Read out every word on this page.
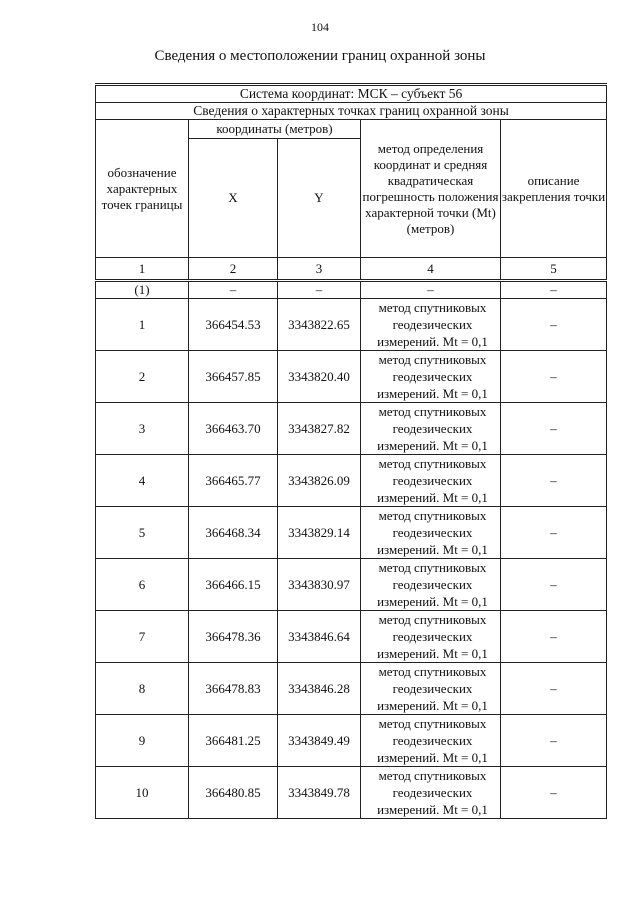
104
Сведения о местоположении границ охранной зоны
Система координат: МСК – субъект 56				
Сведения о характерных точках границ охранной зоны				
обозначение характерных точек границы	координаты (метров)		метод определения координат и средняя квадратическая погрешность положения характерной точки (Mt) (метров)	описание закрепления точки
	X	Y		
1	2	3	4	5
(1)	–	–	–	–
1	366454.53	3343822.65	метод спутниковых геодезических измерений. Mt = 0,1	–
2	366457.85	3343820.40	метод спутниковых геодезических измерений. Mt = 0,1	–
3	366463.70	3343827.82	метод спутниковых геодезических измерений. Mt = 0,1	–
4	366465.77	3343826.09	метод спутниковых геодезических измерений. Mt = 0,1	–
5	366468.34	3343829.14	метод спутниковых геодезических измерений. Mt = 0,1	–
6	366466.15	3343830.97	метод спутниковых геодезических измерений. Mt = 0,1	–
7	366478.36	3343846.64	метод спутниковых геодезических измерений. Mt = 0,1	–
8	366478.83	3343846.28	метод спутниковых геодезических измерений. Mt = 0,1	–
9	366481.25	3343849.49	метод спутниковых геодезических измерений. Mt = 0,1	–
10	366480.85	3343849.78	метод спутниковых геодезических измерений. Mt = 0,1	–
